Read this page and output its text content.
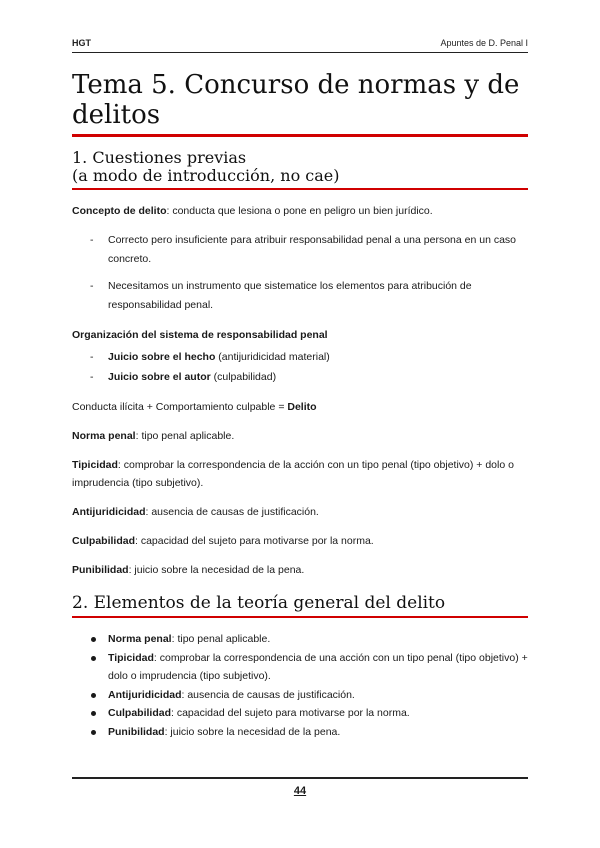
HGT	Apuntes de D. Penal I
Tema 5. Concurso de normas y de delitos
1. Cuestiones previas
(a modo de introducción, no cae)

Concepto de delito: conducta que lesiona o pone en peligro un bien jurídico.

- Correcto pero insuficiente para atribuir responsabilidad penal a una persona en un caso concreto.
- Necesitamos un instrumento que sistematice los elementos para atribución de responsabilidad penal.

Organización del sistema de responsabilidad penal

- Juicio sobre el hecho (antijuridicidad material)
- Juicio sobre el autor (culpabilidad)

Conducta ilícita + Comportamiento culpable = Delito

Norma penal: tipo penal aplicable.

Tipicidad: comprobar la correspondencia de la acción con un tipo penal (tipo objetivo) + dolo o imprudencia (tipo subjetivo).

Antijuridicidad: ausencia de causas de justificación.

Culpabilidad: capacidad del sujeto para motivarse por la norma.

Punibilidad: juicio sobre la necesidad de la pena.

2. Elementos de la teoría general del delito
Norma penal: tipo penal aplicable.
Tipicidad: comprobar la correspondencia de una acción con un tipo penal (tipo objetivo) + dolo o imprudencia (tipo subjetivo).
Antijuridicidad: ausencia de causas de justificación.
Culpabilidad: capacidad del sujeto para motivarse por la norma.
Punibilidad: juicio sobre la necesidad de la pena.
44
